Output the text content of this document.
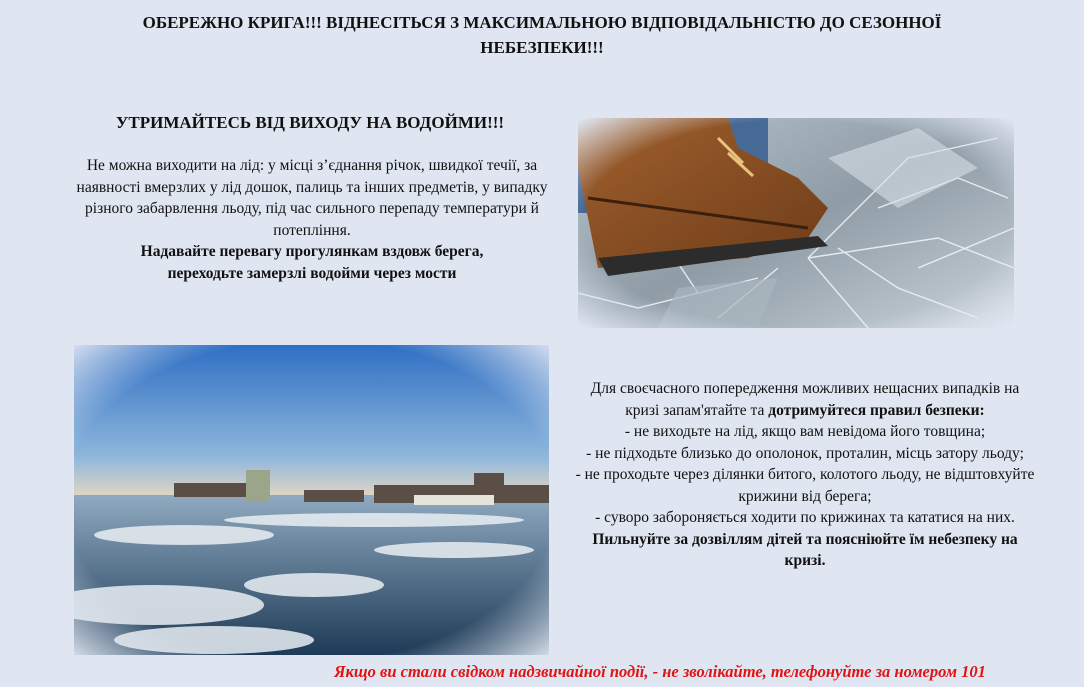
ОБЕРЕЖНО КРИГА!!! ВІДНЕСІТЬСЯ З МАКСИМАЛЬНОЮ ВІДПОВІДАЛЬНІСТЮ ДО СЕЗОННОЇ
НЕБЕЗПЕКИ!!!
УТРИМАЙТЕСЬ ВІД ВИХОДУ НА ВОДОЙМИ!!!
Не можна виходити на лід: у місці з’єднання річок, швидкої течії, за наявності вмерзлих у лід дошок, палиць та інших предметів, у випадку різного забарвлення льоду, під час сильного перепаду температури й потепління.
Надавайте перевагу прогулянкам вздовж берега,
переходьте замерзлі водойми через мости
Для своєчасного попередження можливих нещасних випадків на кризі запам'ятайте та дотримуйтеся правил безпеки:
- не виходьте на лід, якщо вам невідома його товщина;
- не підходьте близько до ополонок, проталин, місць затору льоду;
- не проходьте через ділянки битого, колотого льоду, не відштовхуйте крижини від берега;
- суворо забороняється ходити по крижинах та кататися на них.
Пильнуйте за дозвіллям дітей та поясніюйте їм небезпеку на кризі.
Якщо ви стали свідком надзвичайної події, - не зволікайте, телефонуйте за номером 101
